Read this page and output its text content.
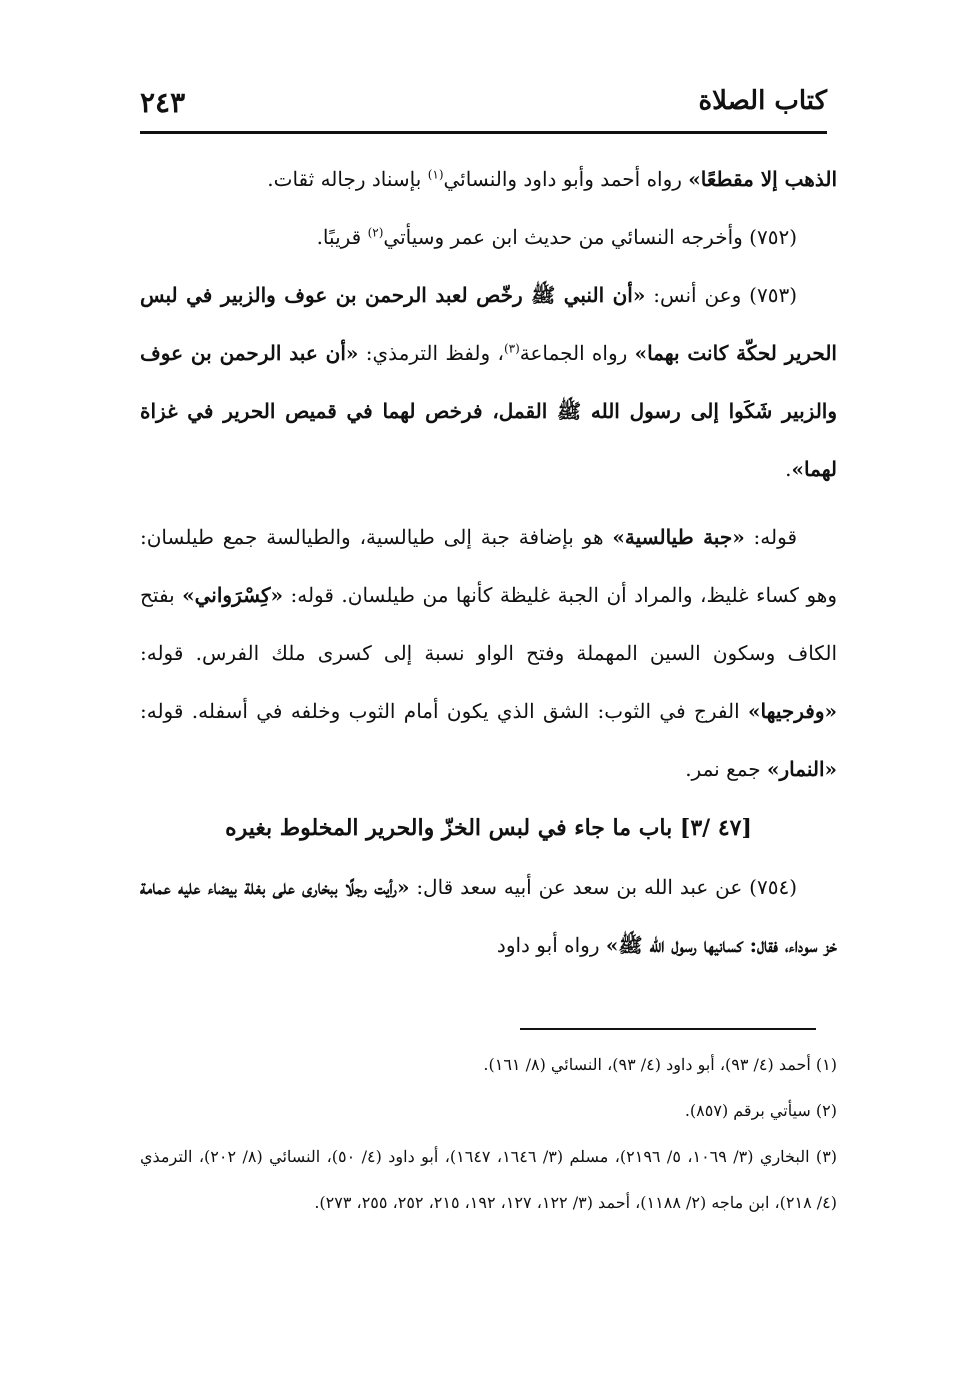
كتاب الصلاة
٢٤٣

الذهب إلا مقطعًا» رواه أحمد وأبو داود والنسائي$^{(١)}$ بإسناد رجاله ثقات.

(٧٥٢) وأخرجه النسائي من حديث ابن عمر وسيأتي$^{(٢)}$ قريبًا.

(٧٥٣) وعن أنس: «أن النبي ﷺ رخّص لعبد الرحمن بن عوف والزبير في لبس الحرير لحكّة كانت بهما» رواه الجماعة$^{(٣)}$، ولفظ الترمذي: «أن عبد الرحمن بن عوف والزبير شَكَوا إلى رسول الله ﷺ القمل، فرخص لهما في قميص الحرير في غزاة لهما».

قوله: «جبة طيالسية» هو بإضافة جبة إلى طيالسية، والطيالسة جمع طيلسان: وهو كساء غليظ، والمراد أن الجبة غليظة كأنها من طيلسان. قوله: «كِسْرَواني» بفتح الكاف وسكون السين المهملة وفتح الواو نسبة إلى كسرى ملك الفرس. قوله: «وفرجيها» الفرج في الثوب: الشق الذي يكون أمام الثوب وخلفه في أسفله. قوله: «النمار» جمع نمر.

[٤٧ /٣] باب ما جاء في لبس الخزّ والحرير المخلوط بغيره

(٧٥٤) عن عبد الله بن سعد عن أبيه سعد قال: «رأيت رجلًا ببخارى على بغلة بيضاء عليه عمامة خز سوداء، فقال: كسانيها رسول الله ﷺ» رواه أبو داود

(١) أحمد (٤/ ٩٣)، أبو داود (٤/ ٩٣)، النسائي (٨/ ١٦١).

(٢) سيأتي برقم (٨٥٧).

(٣) البخاري (٣/ ١٠٦٩، ٥/ ٢١٩٦)، مسلم (٣/ ١٦٤٦، ١٦٤٧)، أبو داود (٤/ ٥٠)، النسائي (٨/ ٢٠٢)، الترمذي (٤/ ٢١٨)، ابن ماجه (٢/ ١١٨٨)، أحمد (٣/ ١٢٢، ١٢٧، ١٩٢، ٢١٥، ٢٥٢، ٢٥٥، ٢٧٣).
